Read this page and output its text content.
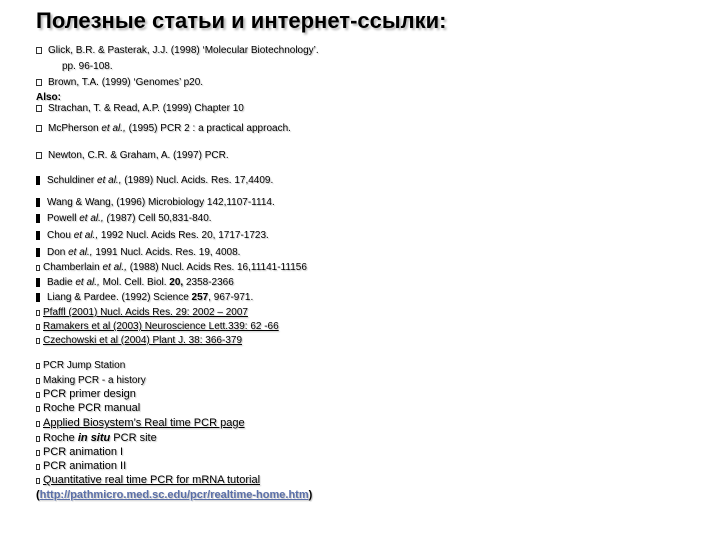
Полезные статьи и интернет-ссылки:
Glick, B.R. & Pasterak, J.J. (1998) ‘Molecular Biotechnology’.
pp. 96-108.
Brown, T.A. (1999) ‘Genomes’ p20.
Also:
Strachan, T. & Read, A.P. (1999) Chapter 10
McPherson et al., (1995) PCR 2 : a practical approach.
Newton, C.R. & Graham, A. (1997) PCR.
Schuldiner et al., (1989) Nucl. Acids. Res. 17,4409.
Wang & Wang, (1996) Microbiology 142,1107-1114.
Powell et al., (1987) Cell 50,831-840.
Chou et al., 1992 Nucl. Acids Res. 20, 1717-1723.
Don et al., 1991 Nucl. Acids. Res. 19, 4008.
Chamberlain et al., (1988) Nucl. Acids Res. 16,11141-11156
Badie et al., Mol. Cell. Biol. 20, 2358-2366
Liang & Pardee. (1992) Science 257, 967-971.
Pfaffl (2001) Nucl. Acids Res. 29: 2002 – 2007
Ramakers et al (2003) Neuroscience Lett.339: 62 -66
Czechowski et al (2004) Plant J. 38: 366-379
PCR Jump Station
Making PCR - a history
PCR primer design
Roche PCR manual
Applied Biosystem’s Real time PCR page
Roche in situ PCR site
PCR animation I
PCR animation II
Quantitative real time PCR for mRNA tutorial
(http://pathmicro.med.sc.edu/pcr/realtime-home.htm)
